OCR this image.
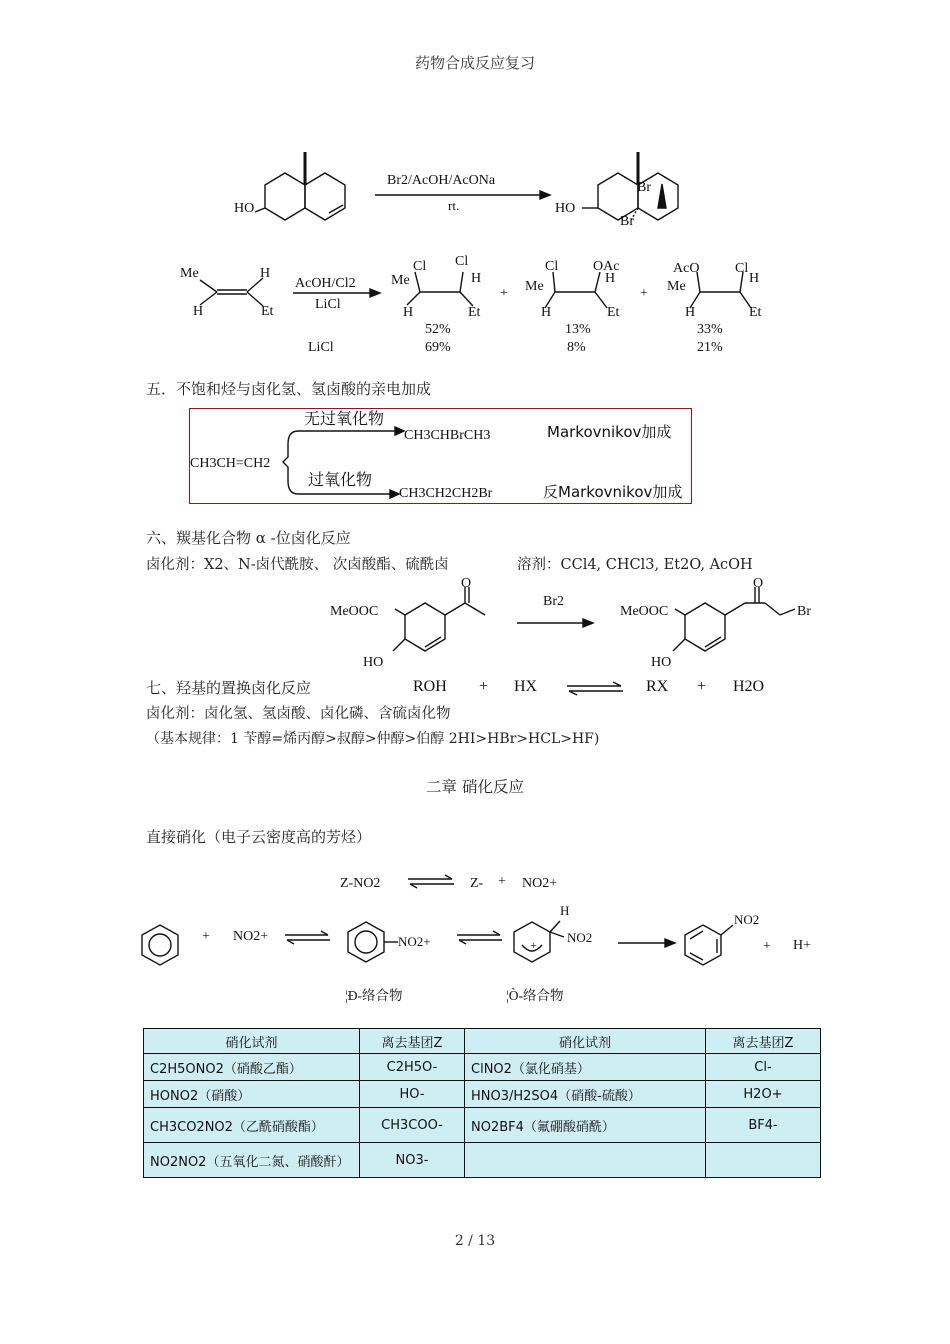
药物合成反应复习
HO
Br2/AcOH/AcONa
rt.	HO
Br
Br
Me	H
H	Et
AcOH/Cl2
LiCl
Me
Cl
H
Cl
H
Et
+ Me
Cl
H
OAc
H
Et
+ Me
AcO
H
Cl
H
Et
52%
69%
13%
8%
33%
21%
LiCl
五．不饱和烃与卤化氢、氢卤酸的亲电加成
CH3CH=CH2
无过氧化物
过氧化物
CH3CHBrCH3
CH3CH2CH2Br
Markovnikov加成
反Markovnikov加成
六、羰基化合物 α -位卤化反应
卤化剂：X2、N-卤代酰胺、 次卤酸酯、硫酰卤	溶剂：CCl4, CHCl3, Et2O, AcOH
MeOOC
HO
O
Br2
MeOOC
HO
O
Br
七、羟基的置换卤化反应	ROH + HX ⇌ RX + H2O
卤化剂：卤化氢、氢卤酸、卤化磷、含硫卤化物
（基本规律：1 苄醇=烯丙醇>叔醇>仲醇>伯醇 2HI>HBr>HCL>HF)
二章 硝化反应
直接硝化（电子云密度高的芳烃）
Z-NO2	Z- + NO2+
+ NO2+	NO2+
H
NO2
+
NO2
+ H+
¦Ð-络合物	¦Ò-络合物
硝化试剂	离去基团Z	硝化试剂	离去基团Z
C2H5ONO2（硝酸乙酯）	C2H5O-	ClNO2（氯化硝基）	Cl-
HONO2（硝酸）	HO-	HNO3/H2SO4（硝酸-硫酸）	H2O+
CH3CO2NO2（乙酰硝酸酯）	CH3COO-	NO2BF4（氟硼酸硝酰）	BF4-
NO2NO2（五氧化二氮、硝酸酐）	NO3-		
2 / 13
